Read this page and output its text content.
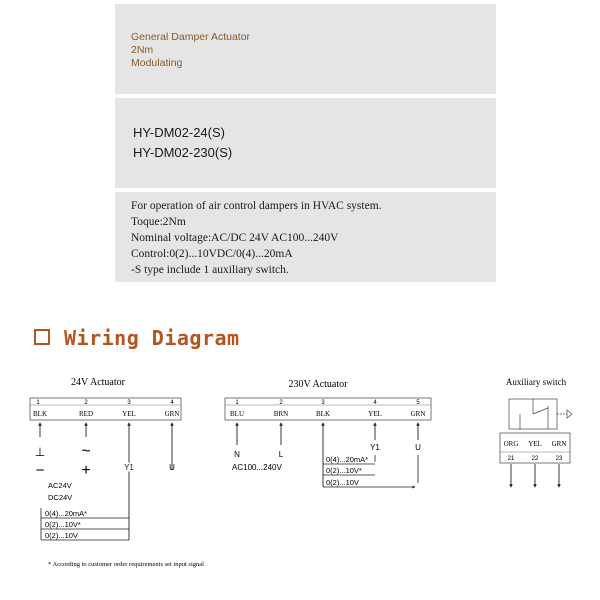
General Damper Actuator
2Nm
Modulating
HY-DM02-24(S)
HY-DM02-230(S)
For operation of air control dampers in HVAC system.
Toque:2Nm
Nominal voltage:AC/DC 24V AC100...240V
Control:0(2)...10VDC/0(4)...20mA
-S type include 1 auxiliary switch.
Wiring Diagram
24V Actuator
1	2	3	4
BLK	RED	YEL	GRN
⊥ ~
− +	Y1	U
AC24V
DC24V
0(4)...20mA*
0(2)...10V*
0(2)...10V
230V Actuator
1	2	3	4	5
BLU	BRN	BLK	YEL	GRN
N	L
AC100...240V
Y1	U
0(4)...20mA*
0(2)...10V*
0(2)...10V
Auxiliary switch
ORG YEL GRN
21	22	23
* According to customer order requirements set input signal
